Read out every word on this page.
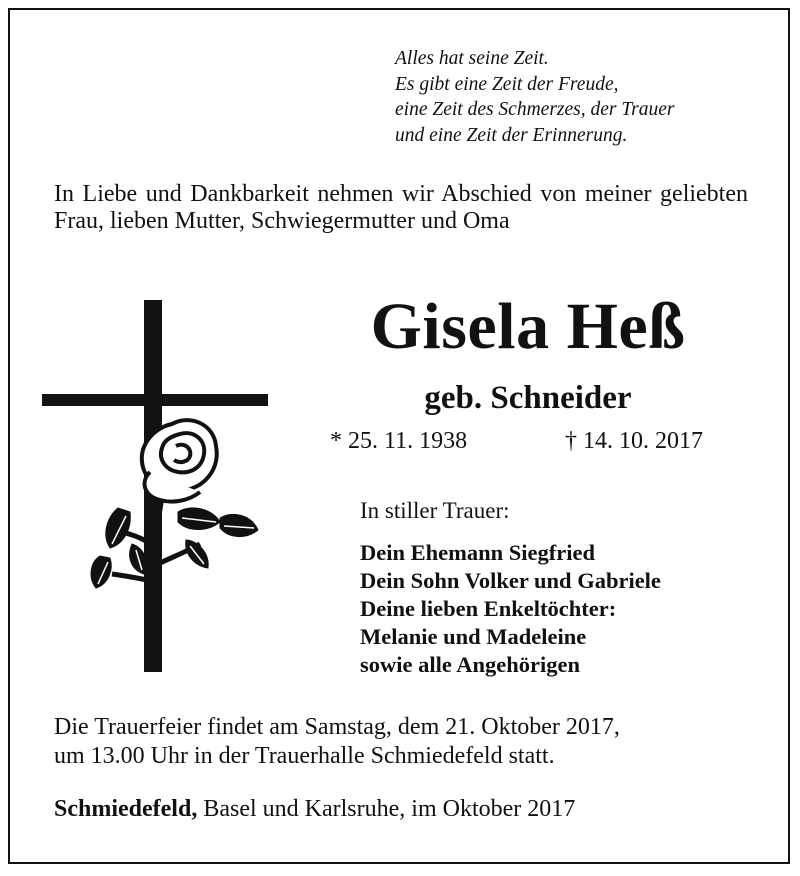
Alles hat seine Zeit.
Es gibt eine Zeit der Freude,
eine Zeit des Schmerzes, der Trauer
und eine Zeit der Erinnerung.
In Liebe und Dankbarkeit nehmen wir Abschied von meiner geliebten Frau, lieben Mutter, Schwiegermutter und Oma
Gisela Heß
geb. Schneider
* 25. 11. 1938	† 14. 10. 2017
In stiller Trauer:
Dein Ehemann Siegfried
Dein Sohn Volker und Gabriele
Deine lieben Enkeltöchter:
Melanie und Madeleine
sowie alle Angehörigen
Die Trauerfeier findet am Samstag, dem 21. Oktober 2017,
um 13.00 Uhr in der Trauerhalle Schmiedefeld statt.
Schmiedefeld, Basel und Karlsruhe, im Oktober 2017
